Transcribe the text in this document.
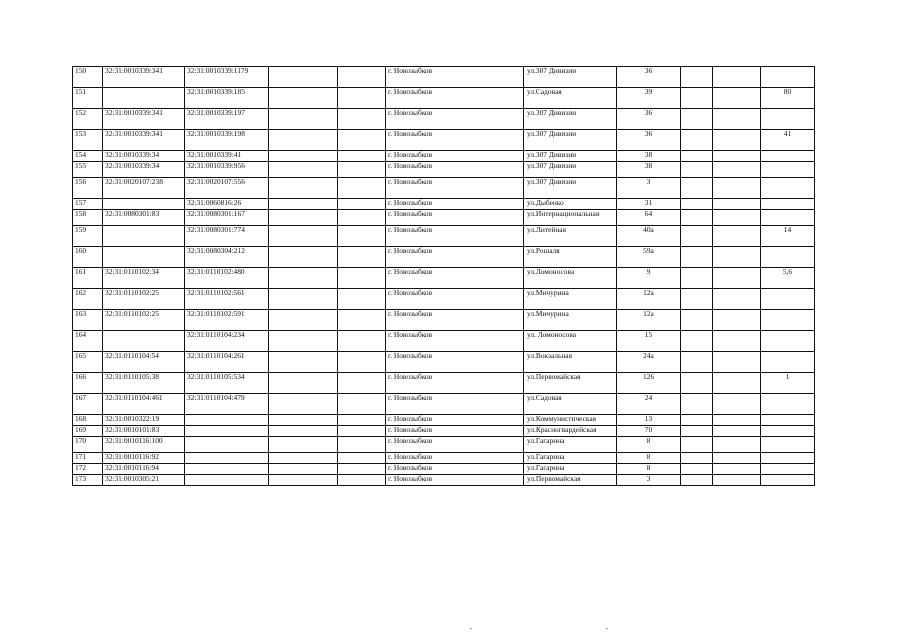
150	32:31:0010339:341	32:31:0010339:1179			г. Новозыбков	ул.307 Дивизии	36			
151		32:31:0010339:185			г. Новозыбков	ул.Садовая	39			80
152	32:31:0010339:341	32:31:0010339:197			г. Новозыбков	ул.307 Дивизии	36			
153	32:31:0010339:341	32:31:0010339:198			г. Новозыбков	ул.307 Дивизии	36			41
154	32:31:0010339:34	32:31:0010339:41			г. Новозыбков	ул.307 Дивизии	38			
155	32:31:0010339:34	32:31:0010339:956			г. Новозыбков	ул.307 Дивизии	38			
156	32:31:0020107:238	32:31:0020107:556			г. Новозыбков	ул.307 Дивизии	3			
157		32:31:0060816:26			г. Новозыбков	ул.Дыбенко	31			
158	32:31:0080301:83	32:31:0080301:167			г. Новозыбков	ул.Интернациональная	64			
159		32:31:0080301:774			г. Новозыбков	ул.Литейная	40а			14
160		32:31:0080304:212			г. Новозыбков	ул.Рошаля	59а			
161	32:31:0110102:34	32:31:0110102:480			г. Новозыбков	ул.Ломоносова	9			5,6
162	32:31:0110102:25	32:31:0110102:561			г. Новозыбков	ул.Мичурина	12а			
163	32:31:0110102:25	32:31:0110102:591			г. Новозыбков	ул.Мичурина	12а			
164		32:31:0110104:234			г. Новозыбков	ул. Ломоносова	15			
165	32:31:0110104:54	32:31:0110104:261			г. Новозыбков	ул.Вокзальная	24а			
166	32:31:0110105:38	32:31:0110105:534			г. Новозыбков	ул.Первомайская	126			1
167	32:31:0110104:461	32:31:0110104:479			г. Новозыбков	ул.Садовая	24			
168	32:31:0010322:19				г. Новозыбков	ул.Коммунистическая	13			
169	32:31:0010101:83				г. Новозыбков	ул.Красногвардейская	70			
170	32:31:0010116:100				г. Новозыбков	ул.Гагарина	8			
171	32:31:0010116:92				г. Новозыбков	ул.Гагарина	8			
172	32:31:0010116:94				г. Новозыбков	ул.Гагарина	8			
173	32:31:0010305:21				г. Новозыбков	ул.Первомайская	3			
